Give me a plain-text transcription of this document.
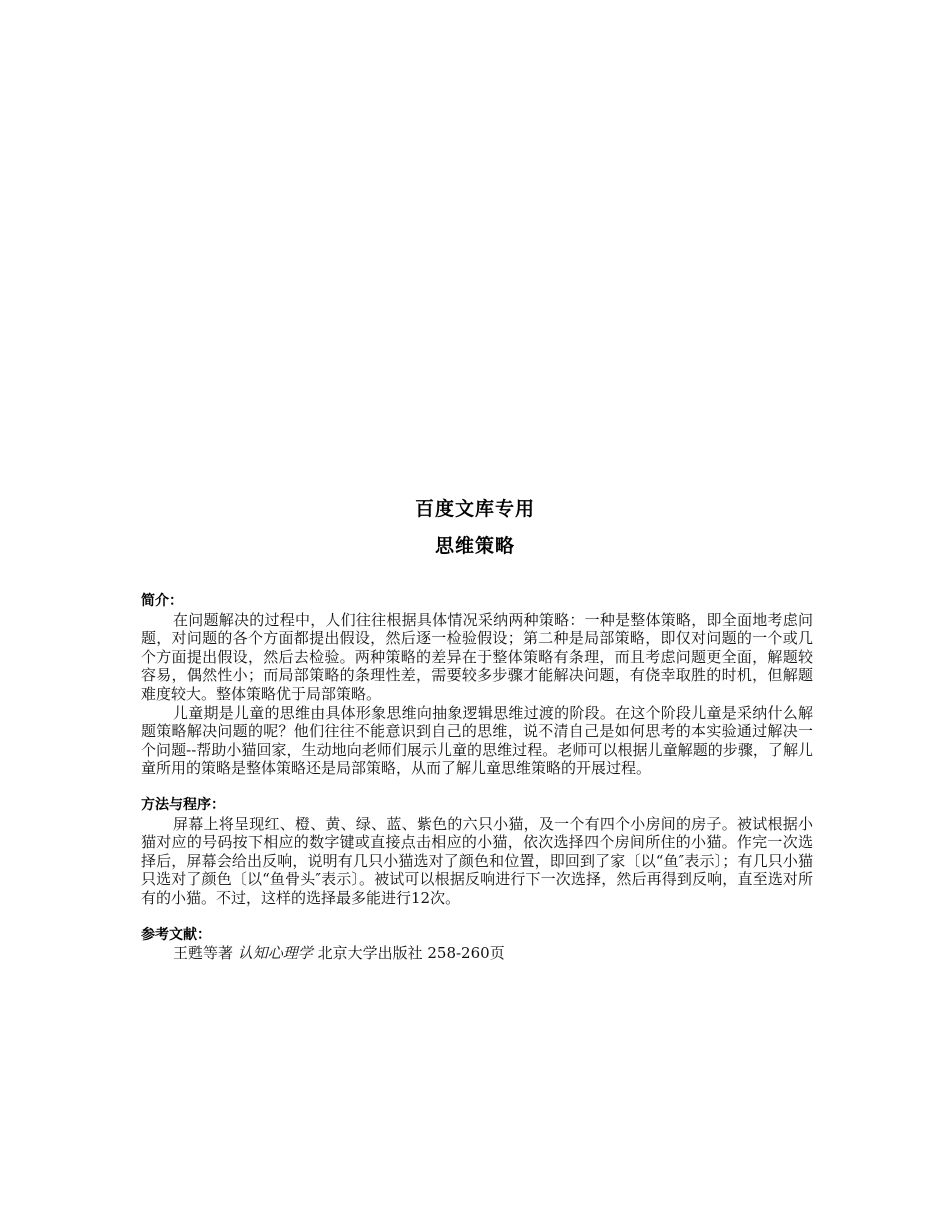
百度文库专用
思维策略
简介：

在问题解决的过程中，人们往往根据具体情况采纳两种策略：一种是整体策略，即全面地考虑问题，对问题的各个方面都提出假设，然后逐一检验假设；第二种是局部策略，即仅对问题的一个或几个方面提出假设，然后去检验。两种策略的差异在于整体策略有条理，而且考虑问题更全面，解题较容易，偶然性小；而局部策略的条理性差，需要较多步骤才能解决问题，有侥幸取胜的时机，但解题难度较大。整体策略优于局部策略。

儿童期是儿童的思维由具体形象思维向抽象逻辑思维过渡的阶段。在这个阶段儿童是采纳什么解题策略解决问题的呢？他们往往不能意识到自己的思维，说不清自己是如何思考的本实验通过解决一个问题--帮助小猫回家，生动地向老师们展示儿童的思维过程。老师可以根据儿童解题的步骤，了解儿童所用的策略是整体策略还是局部策略，从而了解儿童思维策略的开展过程。

方法与程序：

屏幕上将呈现红、橙、黄、绿、蓝、紫色的六只小猫，及一个有四个小房间的房子。被试根据小猫对应的号码按下相应的数字键或直接点击相应的小猫，依次选择四个房间所住的小猫。作完一次选择后，屏幕会给出反响，说明有几只小猫选对了颜色和位置，即回到了家〔以“鱼″表示〕；有几只小猫只选对了颜色〔以“鱼骨头″表示〕。被试可以根据反响进行下一次选择，然后再得到反响，直至选对所有的小猫。不过，这样的选择最多能进行12次。

参考文献：

王甦等著 认知心理学 北京大学出版社 258-260页
